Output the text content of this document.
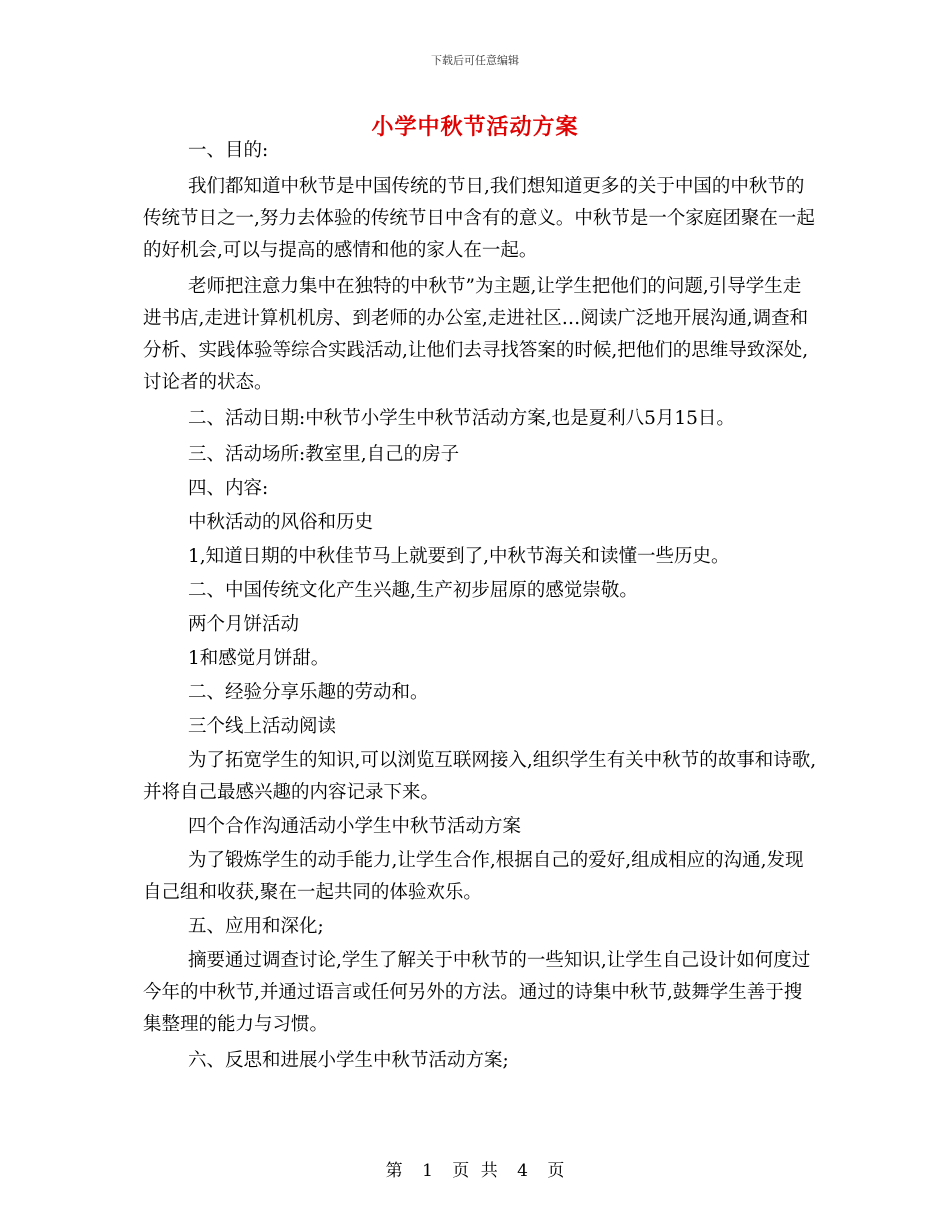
下载后可任意编辑
小学中秋节活动方案

一、目的:

我们都知道中秋节是中国传统的节日,我们想知道更多的关于中国的中秋节的传统节日之一,努力去体验的传统节日中含有的意义。中秋节是一个家庭团聚在一起的好机会,可以与提高的感情和他的家人在一起。

老师把注意力集中在独特的中秋节”为主题,让学生把他们的问题,引导学生走进书店,走进计算机机房、到老师的办公室,走进社区…阅读广泛地开展沟通,调查和分析、实践体验等综合实践活动,让他们去寻找答案的时候,把他们的思维导致深处,讨论者的状态。

二、活动日期:中秋节小学生中秋节活动方案,也是夏利八5月15日。

三、活动场所:教室里,自己的房子

四、内容:

中秋活动的风俗和历史

1,知道日期的中秋佳节马上就要到了,中秋节海关和读懂一些历史。

二、中国传统文化产生兴趣,生产初步屈原的感觉崇敬。

两个月饼活动

1和感觉月饼甜。

二、经验分享乐趣的劳动和。

三个线上活动阅读

为了拓宽学生的知识,可以浏览互联网接入,组织学生有关中秋节的故事和诗歌,并将自己最感兴趣的内容记录下来。

四个合作沟通活动小学生中秋节活动方案

为了锻炼学生的动手能力,让学生合作,根据自己的爱好,组成相应的沟通,发现自己组和收获,聚在一起共同的体验欢乐。

五、应用和深化;

摘要通过调查讨论,学生了解关于中秋节的一些知识,让学生自己设计如何度过今年的中秋节,并通过语言或任何另外的方法。通过的诗集中秋节,鼓舞学生善于搜集整理的能力与习惯。

六、反思和进展小学生中秋节活动方案;

第 1 页 共 4 页
